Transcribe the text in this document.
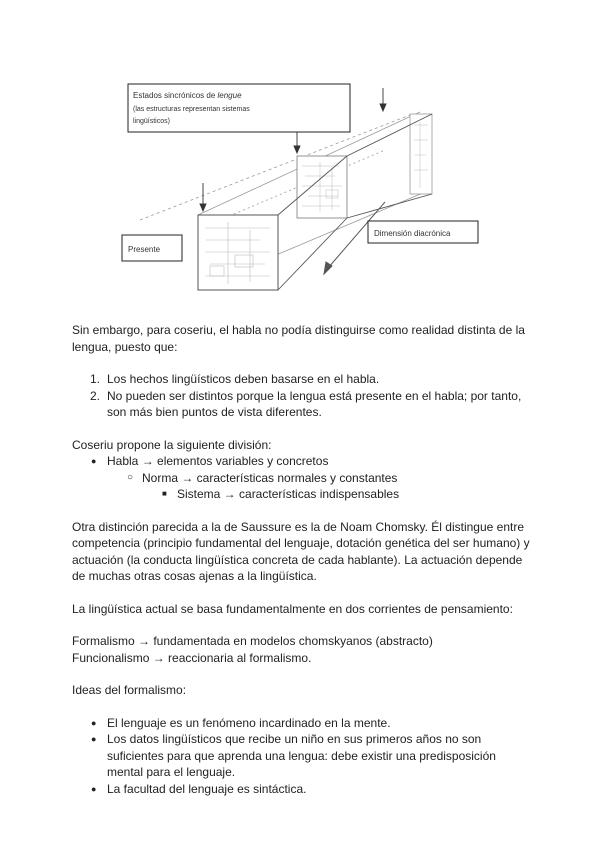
Estados sincrónicos de lengue
(las estructuras representan sistemas
lingüísticos)
Presente
Dimensión diacrónica

Sin embargo, para coseriu, el habla no podía distinguirse como realidad distinta de la lengua, puesto que:

1. Los hechos lingüísticos deben basarse en el habla.
2. No pueden ser distintos porque la lengua está presente en el habla; por tanto, son más bien puntos de vista diferentes.

Coseriu propone la siguiente división:

● Habla → elementos variables y concretos
○ Norma → características normales y constantes
■ Sistema → características indispensables

Otra distinción parecida a la de Saussure es la de Noam Chomsky. Él distingue entre competencia (principio fundamental del lenguaje, dotación genética del ser humano) y actuación (la conducta lingüística concreta de cada hablante). La actuación depende de muchas otras cosas ajenas a la lingüística.

La lingüística actual se basa fundamentalmente en dos corrientes de pensamiento:

Formalismo → fundamentada en modelos chomskyanos (abstracto)

Funcionalismo → reaccionaria al formalismo.

Ideas del formalismo:

● El lenguaje es un fenómeno incardinado en la mente.
● Los datos lingüísticos que recibe un niño en sus primeros años no son suficientes para que aprenda una lengua: debe existir una predisposición mental para el lenguaje.
● La facultad del lenguaje es sintáctica.
